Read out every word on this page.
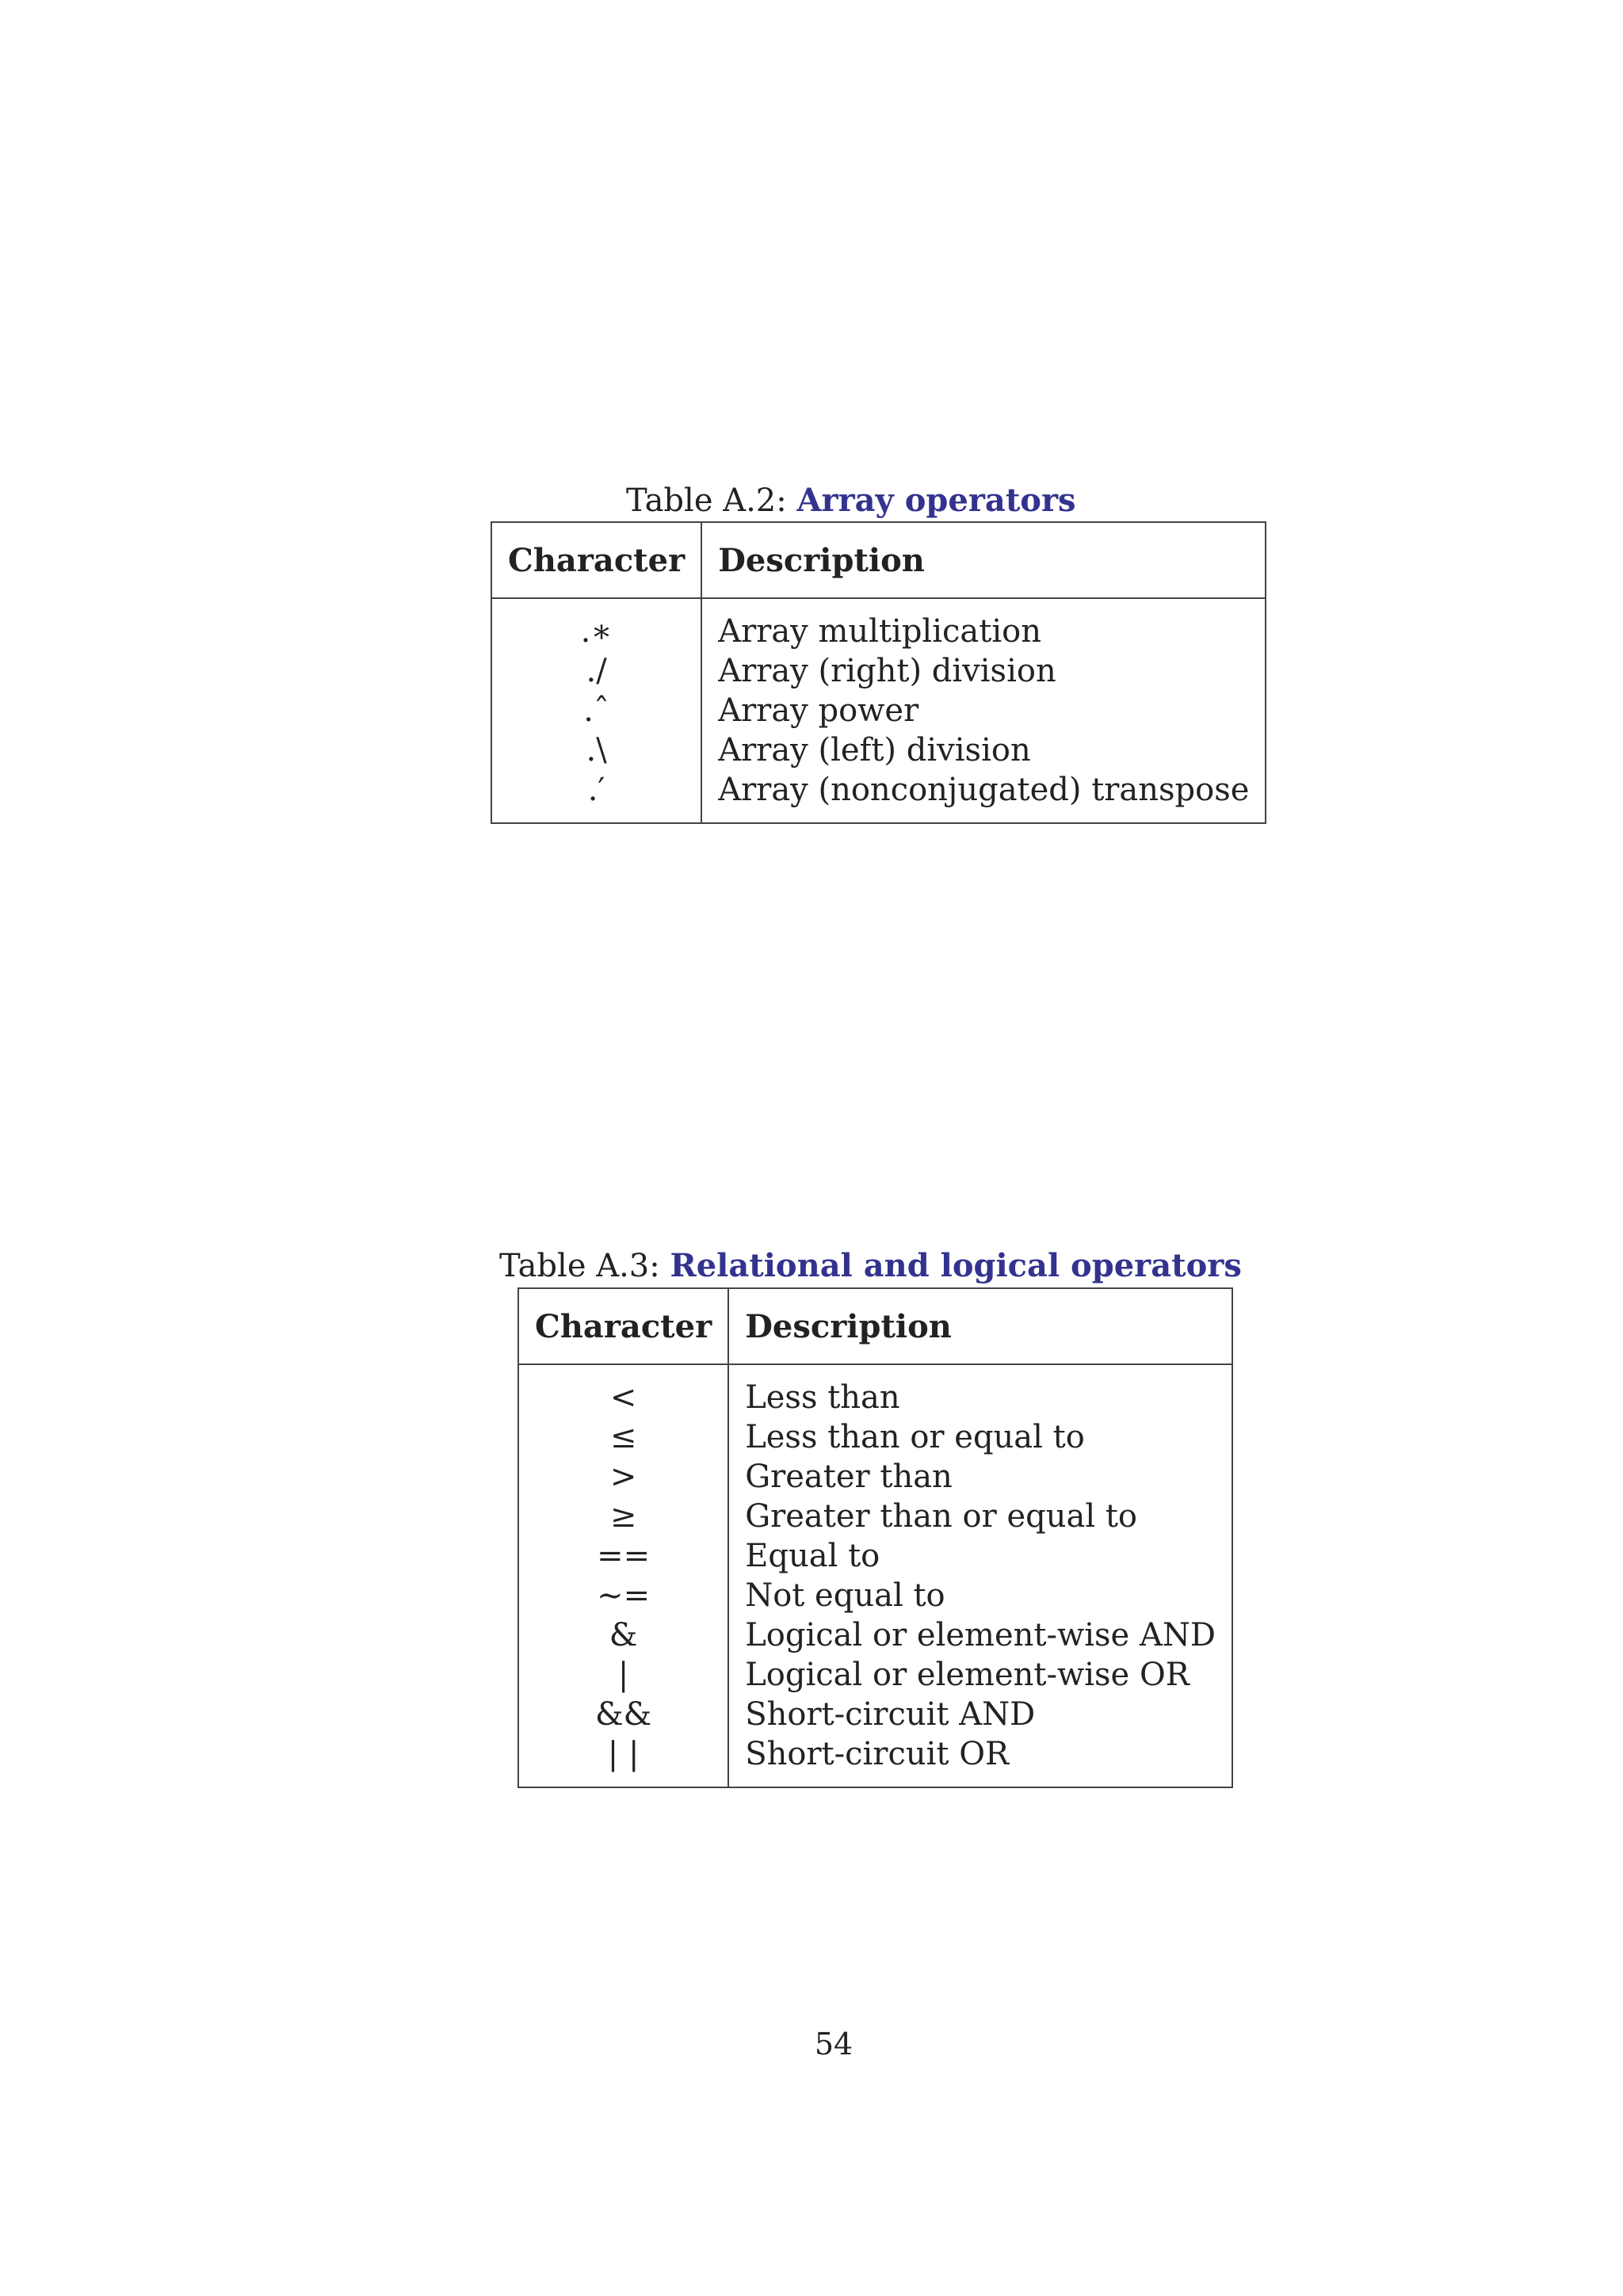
Table A.2: Array operators
Character	Description

.∗	Array multiplication
./	Array (right) division
.ˆ	Array power
.\	Array (left) division
.′	Array (nonconjugated) transpose

Table A.3: Relational and logical operators
Character	Description

<	Less than
≤	Less than or equal to
>	Greater than
≥	Greater than or equal to
==	Equal to
∼=	Not equal to
&	Logical or element-wise AND
|	Logical or element-wise OR
&&	Short-circuit AND
| |	Short-circuit OR

54
